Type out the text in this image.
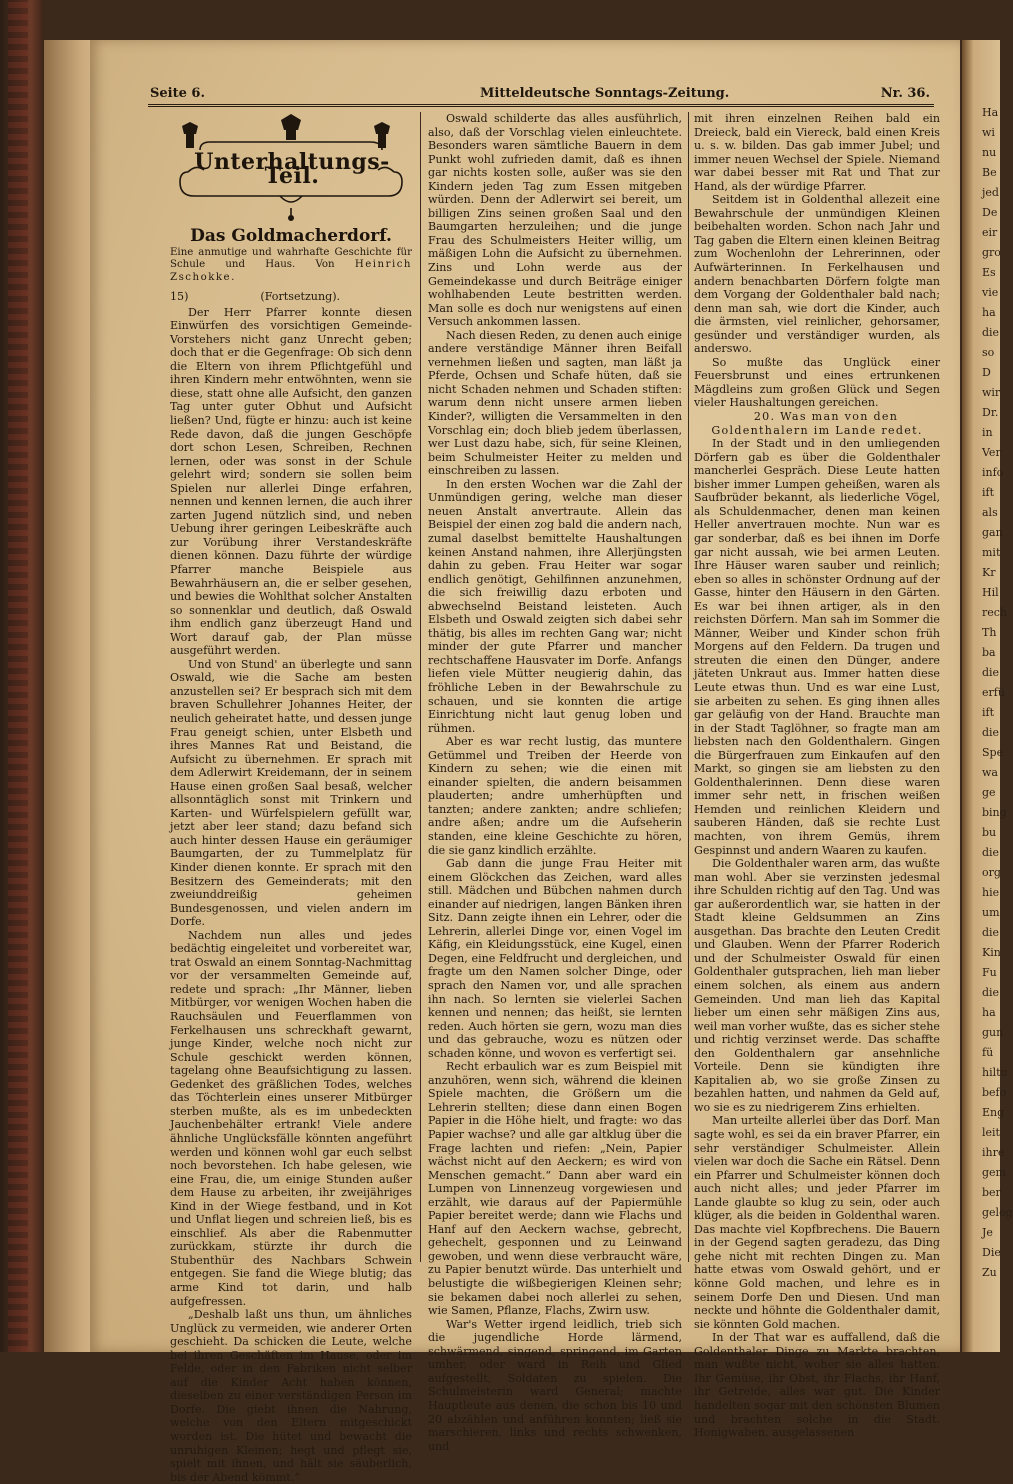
Ha
wi
nu
Be
jed
De
eir
gro
Es
vie
ha
die
so
D
wir
Dr.
in
Ver
info
ift
als
gan
mit
Kr
Hil
rech
Th
ba
die
erfü
ift
die
Spe
wa
ge
bing
bu
die
org
hie
um
die
Kin
Fu
die
ha
gun
fü
hiltu
befo
Eng
leit
ihre
gem
ber
geleg
Je
Die
Zu
Seite 6.	Mitteldeutsche Sonntags-Zeitung.	Nr. 36.
Unterhaltungs-Teil.
Das Goldmacherdorf.
Eine anmutige und wahrhafte Geschichte für Schule und Haus. Von Heinrich Zschokke.
15)	(Fortsetzung).

Der Herr Pfarrer konnte diesen Einwürfen des vorsichtigen Gemeinde-Vorstehers nicht ganz Unrecht geben; doch that er die Gegenfrage: Ob sich denn die Eltern von ihrem Pflichtgefühl und ihren Kindern mehr entwöhnten, wenn sie diese, statt ohne alle Aufsicht, den ganzen Tag unter guter Obhut und Aufsicht ließen? Und, fügte er hinzu: auch ist keine Rede davon, daß die jungen Geschöpfe dort schon Lesen, Schreiben, Rechnen lernen, oder was sonst in der Schule gelehrt wird; sondern sie sollen beim Spielen nur allerlei Dinge erfahren, nennen und kennen lernen, die auch ihrer zarten Jugend nützlich sind, und neben Uebung ihrer geringen Leibeskräfte auch zur Vorübung ihrer Verstandeskräfte dienen können. Dazu führte der würdige Pfarrer manche Beispiele aus Bewahrhäusern an, die er selber gesehen, und bewies die Wohlthat solcher Anstalten so sonnenklar und deutlich, daß Oswald ihm endlich ganz überzeugt Hand und Wort darauf gab, der Plan müsse ausgeführt werden.

Und von Stund' an überlegte und sann Oswald, wie die Sache am besten anzustellen sei? Er besprach sich mit dem braven Schullehrer Johannes Heiter, der neulich geheiratet hatte, und dessen junge Frau geneigt schien, unter Elsbeth und ihres Mannes Rat und Beistand, die Aufsicht zu übernehmen. Er sprach mit dem Adlerwirt Kreidemann, der in seinem Hause einen großen Saal besaß, welcher allsonntäglich sonst mit Trinkern und Karten- und Würfelspielern gefüllt war, jetzt aber leer stand; dazu befand sich auch hinter dessen Hause ein geräumiger Baumgarten, der zu Tummelplatz für Kinder dienen konnte. Er sprach mit den Besitzern des Gemeinderats; mit den zweiunddreißig geheimen Bundesgenossen, und vielen andern im Dorfe.

Nachdem nun alles und jedes bedächtig eingeleitet und vorbereitet war, trat Oswald an einem Sonntag-Nachmittag vor der versammelten Gemeinde auf, redete und sprach: „Ihr Männer, lieben Mitbürger, vor wenigen Wochen haben die Rauchsäulen und Feuerflammen von Ferkelhausen uns schreckhaft gewarnt, junge Kinder, welche noch nicht zur Schule geschickt werden können, tagelang ohne Beaufsichtigung zu lassen. Gedenket des gräßlichen Todes, welches das Töchterlein eines unserer Mitbürger sterben mußte, als es im unbedeckten Jauchenbehälter ertrank! Viele andere ähnliche Unglücksfälle könnten angeführt werden und können wohl gar euch selbst noch bevorstehen. Ich habe gelesen, wie eine Frau, die, um einige Stunden außer dem Hause zu arbeiten, ihr zweijähriges Kind in der Wiege festband, und in Kot und Unflat liegen und schreien ließ, bis es einschlief. Als aber die Rabenmutter zurückkam, stürzte ihr durch die Stubenthür des Nachbars Schwein entgegen. Sie fand die Wiege blutig; das arme Kind tot darin, und halb aufgefressen.

„Deshalb laßt uns thun, um ähnliches Unglück zu vermeiden, wie anderer Orten geschieht. Da schicken die Leute, welche bei ihren Geschäften im Hause, oder im Felde, oder in den Fabriken nicht selber auf die Kinder Acht haben können, dieselben zu einer verständigen Person im Dorfe. Die giebt ihnen die Nahrung, welche von den Eltern mitgeschickt worden ist. Die hütet und bewacht die unruhigen Kleinen; hegt und pflegt sie, spielt mit ihnen, und hält sie säuberlich, bis der Abend kömmt.“

Oswald schilderte das alles ausführlich, also, daß der Vorschlag vielen einleuchtete. Besonders waren sämtliche Bauern in dem Punkt wohl zufrieden damit, daß es ihnen gar nichts kosten solle, außer was sie den Kindern jeden Tag zum Essen mitgeben würden. Denn der Adlerwirt sei bereit, um billigen Zins seinen großen Saal und den Baumgarten herzuleihen; und die junge Frau des Schulmeisters Heiter willig, um mäßigen Lohn die Aufsicht zu übernehmen. Zins und Lohn werde aus der Gemeindekasse und durch Beiträge einiger wohlhabenden Leute bestritten werden. Man solle es doch nur wenigstens auf einen Versuch ankommen lassen.

Nach diesen Reden, zu denen auch einige andere verständige Männer ihren Beifall vernehmen ließen und sagten, man läßt ja Pferde, Ochsen und Schafe hüten, daß sie nicht Schaden nehmen und Schaden stiften: warum denn nicht unsere armen lieben Kinder?, willigten die Versammelten in den Vorschlag ein; doch blieb jedem überlassen, wer Lust dazu habe, sich, für seine Kleinen, beim Schulmeister Heiter zu melden und einschreiben zu lassen.

In den ersten Wochen war die Zahl der Unmündigen gering, welche man dieser neuen Anstalt anvertraute. Allein das Beispiel der einen zog bald die andern nach, zumal daselbst bemittelte Haushaltungen keinen Anstand nahmen, ihre Allerjüngsten dahin zu geben. Frau Heiter war sogar endlich genötigt, Gehilfinnen anzunehmen, die sich freiwillig dazu erboten und abwechselnd Beistand leisteten. Auch Elsbeth und Oswald zeigten sich dabei sehr thätig, bis alles im rechten Gang war; nicht minder der gute Pfarrer und mancher rechtschaffene Hausvater im Dorfe. Anfangs liefen viele Mütter neugierig dahin, das fröhliche Leben in der Bewahrschule zu schauen, und sie konnten die artige Einrichtung nicht laut genug loben und rühmen.

Aber es war recht lustig, das muntere Getümmel und Treiben der Heerde von Kindern zu sehen; wie die einen mit einander spielten, die andern beisammen plauderten; andre umherhüpften und tanzten; andere zankten; andre schliefen; andre aßen; andre um die Aufseherin standen, eine kleine Geschichte zu hören, die sie ganz kindlich erzählte.

Gab dann die junge Frau Heiter mit einem Glöckchen das Zeichen, ward alles still. Mädchen und Bübchen nahmen durch einander auf niedrigen, langen Bänken ihren Sitz. Dann zeigte ihnen ein Lehrer, oder die Lehrerin, allerlei Dinge vor, einen Vogel im Käfig, ein Kleidungsstück, eine Kugel, einen Degen, eine Feldfrucht und dergleichen, und fragte um den Namen solcher Dinge, oder sprach den Namen vor, und alle sprachen ihn nach. So lernten sie vielerlei Sachen kennen und nennen; das heißt, sie lernten reden. Auch hörten sie gern, wozu man dies und das gebrauche, wozu es nützen oder schaden könne, und wovon es verfertigt sei.

Recht erbaulich war es zum Beispiel mit anzuhören, wenn sich, während die kleinen Spiele machten, die Größern um die Lehrerin stellten; diese dann einen Bogen Papier in die Höhe hielt, und fragte: wo das Papier wachse? und alle gar altklug über die Frage lachten und riefen: „Nein, Papier wächst nicht auf den Aeckern; es wird von Menschen gemacht.“ Dann aber ward ein Lumpen von Linnenzeug vorgewiesen und erzählt, wie daraus auf der Papiermühle Papier bereitet werde; dann wie Flachs und Hanf auf den Aeckern wachse, gebrecht, gehechelt, gesponnen und zu Leinwand gewoben, und wenn diese verbraucht wäre, zu Papier benutzt würde. Das unterhielt und belustigte die wißbegierigen Kleinen sehr; sie bekamen dabei noch allerlei zu sehen, wie Samen, Pflanze, Flachs, Zwirn usw.

War's Wetter irgend leidlich, trieb sich die jugendliche Horde lärmend, schwärmend, singend, springend, im Garten umher, oder ward in Reih und Glied aufgestellt, Soldaten zu spielen. Die Schulmeisterin ward General; machte Hauptleute aus denen, die schon bis 10 und 20 abzählen und anführen konnten; ließ sie marschieren, links und rechts schwenken, und

mit ihren einzelnen Reihen bald ein Dreieck, bald ein Viereck, bald einen Kreis u. s. w. bilden. Das gab immer Jubel; und immer neuen Wechsel der Spiele. Niemand war dabei besser mit Rat und That zur Hand, als der würdige Pfarrer.

Seitdem ist in Goldenthal allezeit eine Bewahrschule der unmündigen Kleinen beibehalten worden. Schon nach Jahr und Tag gaben die Eltern einen kleinen Beitrag zum Wochenlohn der Lehrerinnen, oder Aufwärterinnen. In Ferkelhausen und andern benachbarten Dörfern folgte man dem Vorgang der Goldenthaler bald nach; denn man sah, wie dort die Kinder, auch die ärmsten, viel reinlicher, gehorsamer, gesünder und verständiger wurden, als anderswo.

So mußte das Unglück einer Feuersbrunst und eines ertrunkenen Mägdleins zum großen Glück und Segen vieler Haushaltungen gereichen.

20. Was man von den Goldenthalern im Lande redet.

In der Stadt und in den umliegenden Dörfern gab es über die Goldenthaler mancherlei Gespräch. Diese Leute hatten bisher immer Lumpen geheißen, waren als Saufbrüder bekannt, als liederliche Vögel, als Schuldenmacher, denen man keinen Heller anvertrauen mochte. Nun war es gar sonderbar, daß es bei ihnen im Dorfe gar nicht aussah, wie bei armen Leuten. Ihre Häuser waren sauber und reinlich; eben so alles in schönster Ordnung auf der Gasse, hinter den Häusern in den Gärten. Es war bei ihnen artiger, als in den reichsten Dörfern. Man sah im Sommer die Männer, Weiber und Kinder schon früh Morgens auf den Feldern. Da trugen und streuten die einen den Dünger, andere jäteten Unkraut aus. Immer hatten diese Leute etwas thun. Und es war eine Lust, sie arbeiten zu sehen. Es ging ihnen alles gar geläufig von der Hand. Brauchte man in der Stadt Taglöhner, so fragte man am liebsten nach den Goldenthalern. Gingen die Bürgerfrauen zum Einkaufen auf den Markt, so gingen sie am liebsten zu den Goldenthalerinnen. Denn diese waren immer sehr nett, in frischen weißen Hemden und reinlichen Kleidern und sauberen Händen, daß sie rechte Lust machten, von ihrem Gemüs, ihrem Gespinnst und andern Waaren zu kaufen.

Die Goldenthaler waren arm, das wußte man wohl. Aber sie verzinsten jedesmal ihre Schulden richtig auf den Tag. Und was gar außerordentlich war, sie hatten in der Stadt kleine Geldsummen an Zins ausgethan. Das brachte den Leuten Credit und Glauben. Wenn der Pfarrer Roderich und der Schulmeister Oswald für einen Goldenthaler gutsprachen, lieh man lieber einem solchen, als einem aus andern Gemeinden. Und man lieh das Kapital lieber um einen sehr mäßigen Zins aus, weil man vorher wußte, das es sicher stehe und richtig verzinset werde. Das schaffte den Goldenthalern gar ansehnliche Vorteile. Denn sie kündigten ihre Kapitalien ab, wo sie große Zinsen zu bezahlen hatten, und nahmen da Geld auf, wo sie es zu niedrigerem Zins erhielten.

Man urteilte allerlei über das Dorf. Man sagte wohl, es sei da ein braver Pfarrer, ein sehr verständiger Schulmeister. Allein vielen war doch die Sache ein Rätsel. Denn ein Pfarrer und Schulmeister können doch auch nicht alles; und jeder Pfarrer im Lande glaubte so klug zu sein, oder auch klüger, als die beiden in Goldenthal waren. Das machte viel Kopfbrechens. Die Bauern in der Gegend sagten geradezu, das Ding gehe nicht mit rechten Dingen zu. Man hatte etwas vom Oswald gehört, und er könne Gold machen, und lehre es in seinem Dorfe Den und Diesen. Und man neckte und höhnte die Goldenthaler damit, sie könnten Gold machen.

In der That war es auffallend, daß die Goldenthaler Dinge zu Markte brachten, man wußte nicht, woher sie alles hatten. Ihr Gemüse, ihr Obst, ihr Flachs, ihr Hanf, ihr Getreide, alles war gut. Die Kinder handelten sogar mit den schönsten Blumen und brachten solche in die Stadt. Honigwaben, ausgelassenen
